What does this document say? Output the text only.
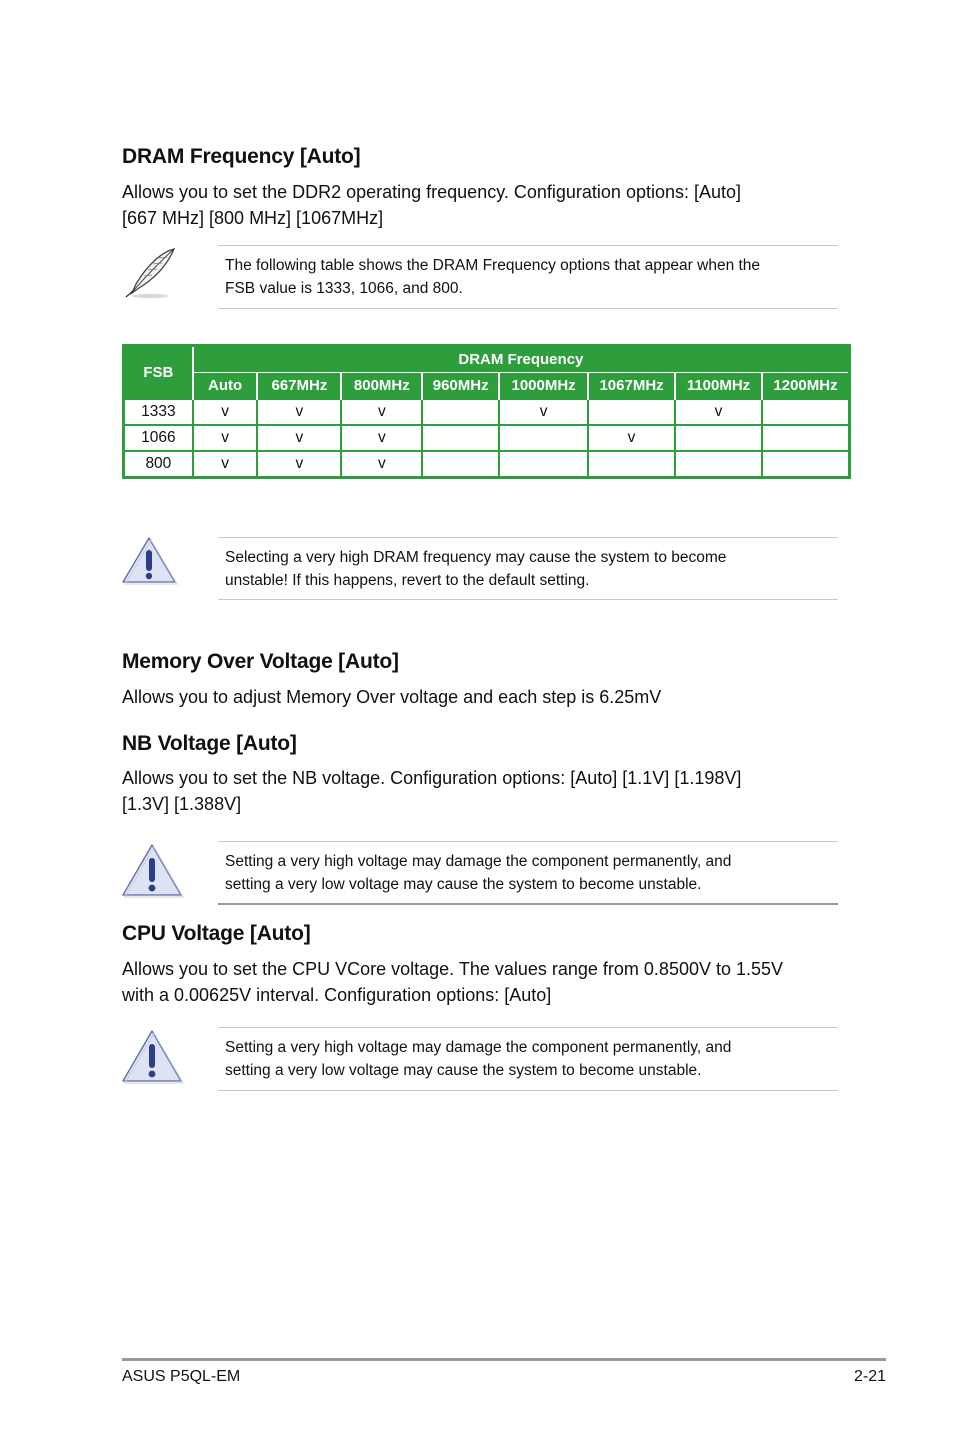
DRAM Frequency [Auto]
Allows you to set the DDR2 operating frequency. Configuration options: [Auto]
[667 MHz] [800 MHz] [1067MHz]
The following table shows the DRAM Frequency options that appear when the
FSB value is 1333, 1066, and 800.
FSB	DRAM Frequency							
	Auto	667MHz	800MHz	960MHz	1000MHz	1067MHz	1100MHz	1200MHz
1333	v	v	v		v		v	
1066	v	v	v			v		
800	v	v	v					
Selecting a very high DRAM frequency may cause the system to become
unstable! If this happens, revert to the default setting.
Memory Over Voltage [Auto]
Allows you to adjust Memory Over voltage and each step is 6.25mV
NB Voltage [Auto]
Allows you to set the NB voltage. Configuration options: [Auto] [1.1V] [1.198V]
[1.3V] [1.388V]
Setting a very high voltage may damage the component permanently, and
setting a very low voltage may cause the system to become unstable.
CPU Voltage [Auto]
Allows you to set the CPU VCore voltage. The values range from 0.8500V to 1.55V
with a 0.00625V interval. Configuration options: [Auto]
Setting a very high voltage may damage the component permanently, and
setting a very low voltage may cause the system to become unstable.
ASUS P5QL-EM	2-21
